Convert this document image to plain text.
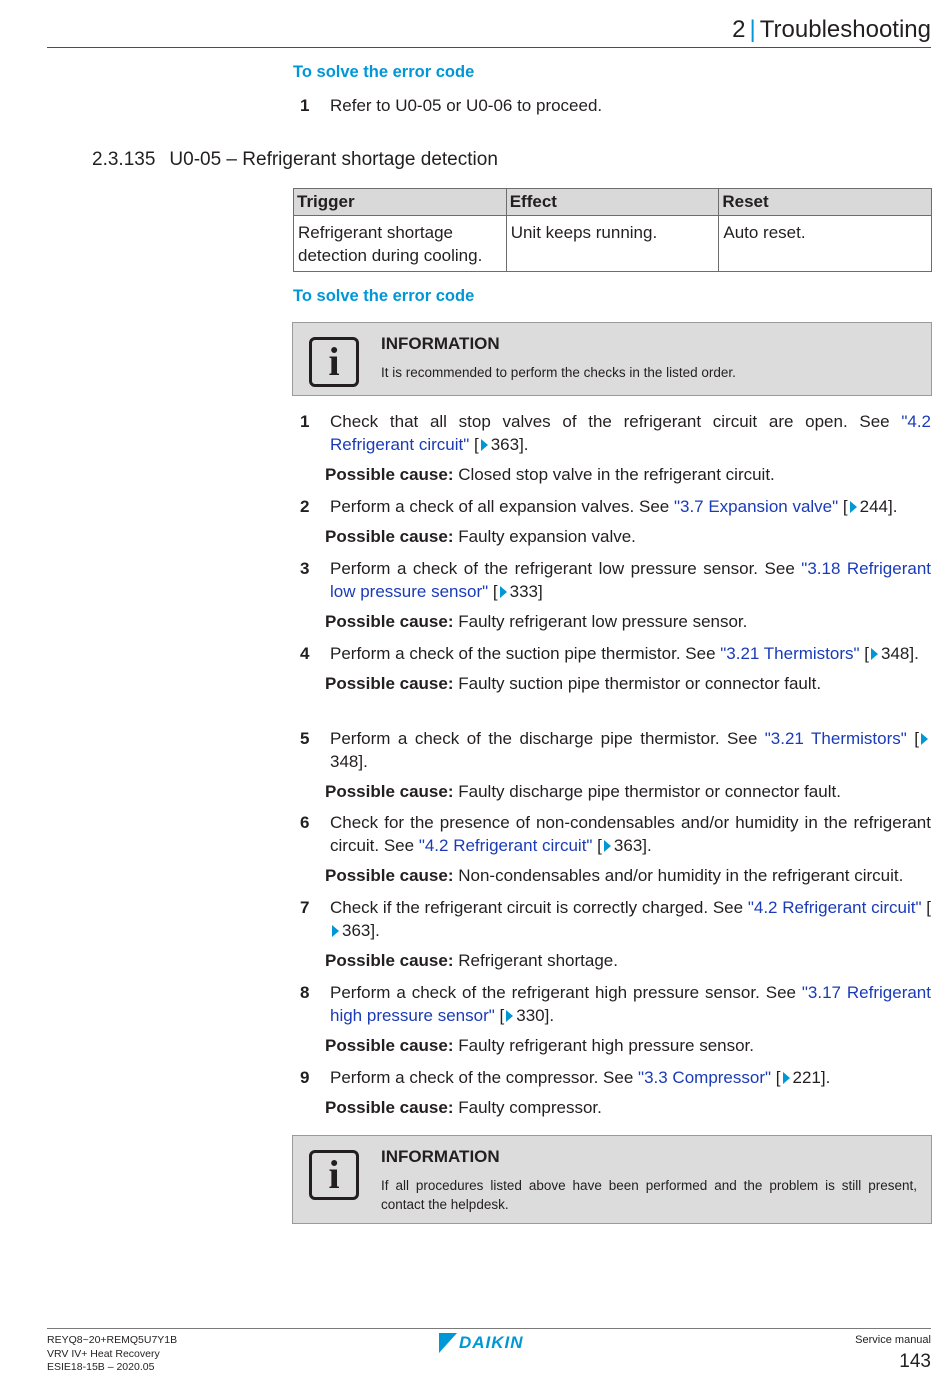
2 | Troubleshooting
To solve the error code
1	Refer to U0-05 or U0-06 to proceed.
2.3.135 U0-05 – Refrigerant shortage detection
Trigger	Effect	Reset
Refrigerant shortage detection during cooling.	Unit keeps running.	Auto reset.
To solve the error code
i	INFORMATION
It is recommended to perform the checks in the listed order.
1	Check that all stop valves of the refrigerant circuit are open. See "4.2 Refrigerant circuit" [ 363].
Possible cause: Closed stop valve in the refrigerant circuit.
2	Perform a check of all expansion valves. See "3.7 Expansion valve" [ 244].
Possible cause: Faulty expansion valve.
3	Perform a check of the refrigerant low pressure sensor. See "3.18 Refrigerant low pressure sensor" [ 333]
Possible cause: Faulty refrigerant low pressure sensor.
4	Perform a check of the suction pipe thermistor. See "3.21 Thermistors" [ 348].
Possible cause: Faulty suction pipe thermistor or connector fault.
5	Perform a check of the discharge pipe thermistor. See "3.21 Thermistors" [348].
Possible cause: Faulty discharge pipe thermistor or connector fault.
6	Check for the presence of non-condensables and/or humidity in the refrigerant circuit. See "4.2 Refrigerant circuit" [ 363].
Possible cause: Non-condensables and/or humidity in the refrigerant circuit.
7	Check if the refrigerant circuit is correctly charged. See "4.2 Refrigerant circuit" [363].
Possible cause: Refrigerant shortage.
8	Perform a check of the refrigerant high pressure sensor. See "3.17 Refrigerant high pressure sensor" [ 330].
Possible cause: Faulty refrigerant high pressure sensor.
9	Perform a check of the compressor. See "3.3 Compressor" [ 221].
Possible cause: Faulty compressor.
i	INFORMATION
If all procedures listed above have been performed and the problem is still present, contact the helpdesk.
REYQ8~20+REMQ5U7Y1B
VRV IV+ Heat Recovery
ESIE18-15B – 2020.05
DAIKIN	Service manual
143
